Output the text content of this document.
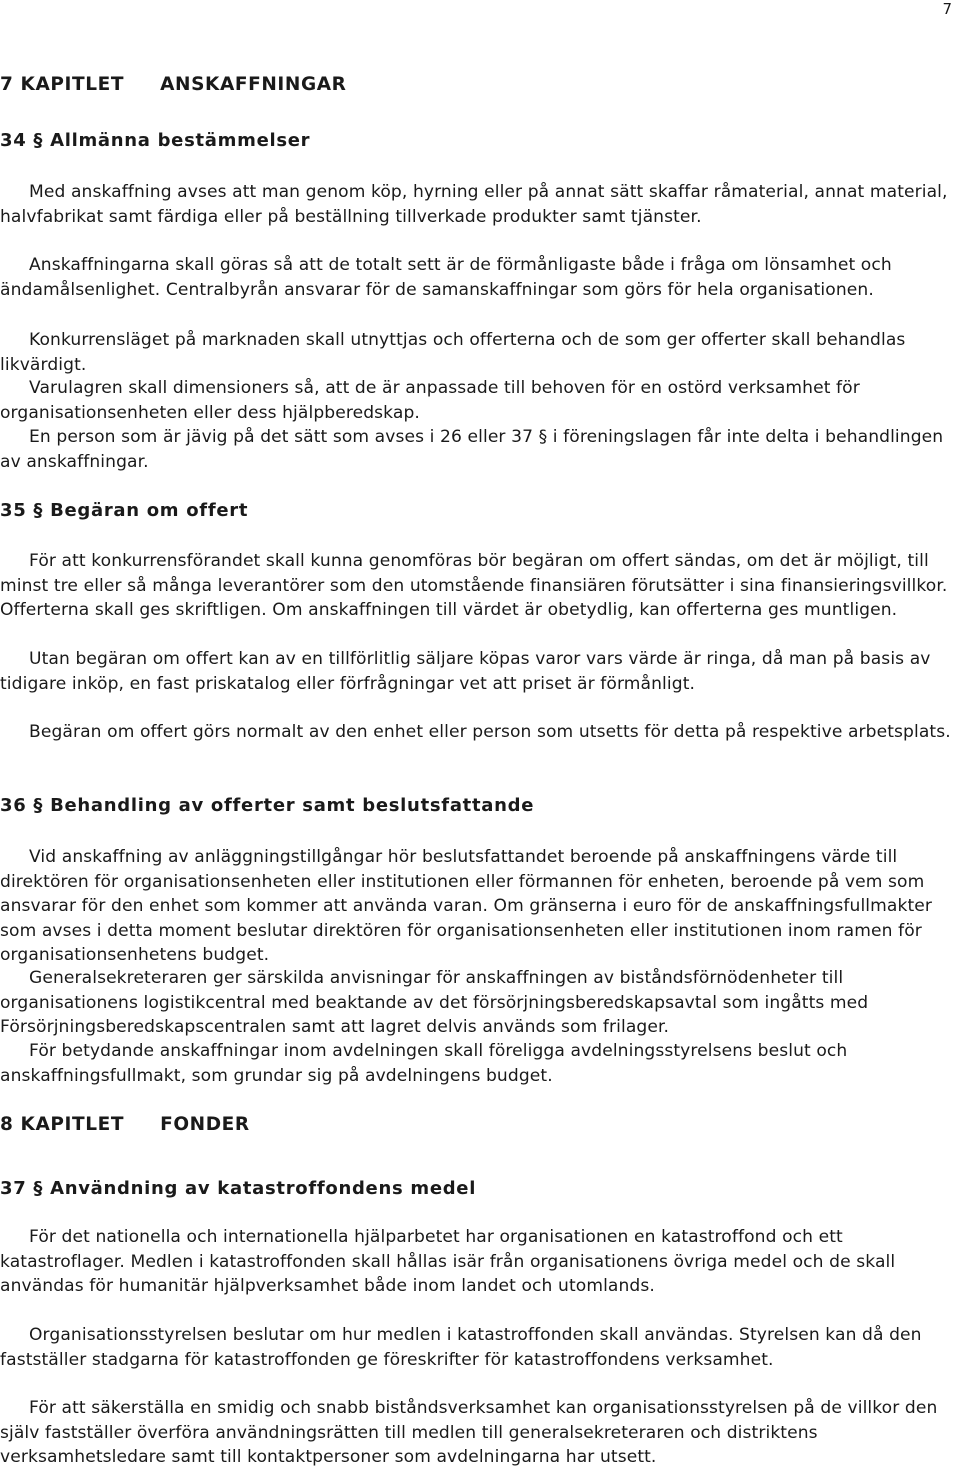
7
7 KAPITLET ANSKAFFNINGAR
34 § Allmänna bestämmelser

Med anskaffning avses att man genom köp, hyrning eller på annat sätt skaffar råmaterial, annat material, halvfabrikat samt färdiga eller på beställning tillverkade produkter samt tjänster.

Anskaffningarna skall göras så att de totalt sett är de förmånligaste både i fråga om lönsamhet och ändamålsenlighet. Centralbyrån ansvarar för de samanskaffningar som görs för hela organisationen.

Konkurrensläget på marknaden skall utnyttjas och offerterna och de som ger offerter skall behandlas likvärdigt.

Varulagren skall dimensioners så, att de är anpassade till behoven för en ostörd verksamhet för organisationsenheten eller dess hjälpberedskap.

En person som är jävig på det sätt som avses i 26 eller 37 § i föreningslagen får inte delta i behandlingen av anskaffningar.

35 § Begäran om offert

För att konkurrensförandet skall kunna genomföras bör begäran om offert sändas, om det är möjligt, till minst tre eller så många leverantörer som den utomstående finansiären förutsätter i sina finansieringsvillkor. Offerterna skall ges skriftligen. Om anskaffningen till värdet är obetydlig, kan offerterna ges muntligen.

Utan begäran om offert kan av en tillförlitlig säljare köpas varor vars värde är ringa, då man på basis av tidigare inköp, en fast priskatalog eller förfrågningar vet att priset är förmånligt.

Begäran om offert görs normalt av den enhet eller person som utsetts för detta på respektive arbetsplats.

36 § Behandling av offerter samt beslutsfattande

Vid anskaffning av anläggningstillgångar hör beslutsfattandet beroende på anskaffningens värde till direktören för organisationsenheten eller institutionen eller förmannen för enheten, beroende på vem som ansvarar för den enhet som kommer att använda varan. Om gränserna i euro för de anskaffningsfullmakter som avses i detta moment beslutar direktören för organisationsenheten eller institutionen inom ramen för organisationsenhetens budget.

Generalsekreteraren ger särskilda anvisningar för anskaffningen av biståndsförnödenheter till organisationens logistikcentral med beaktande av det försörjningsberedskapsavtal som ingåtts med Försörjningsberedskapscentralen samt att lagret delvis används som frilager.

För betydande anskaffningar inom avdelningen skall föreligga avdelningsstyrelsens beslut och anskaffningsfullmakt, som grundar sig på avdelningens budget.

8 KAPITLET FONDER
37 § Användning av katastroffondens medel

För det nationella och internationella hjälparbetet har organisationen en katastroffond och ett katastroflager. Medlen i katastroffonden skall hållas isär från organisationens övriga medel och de skall användas för humanitär hjälpverksamhet både inom landet och utomlands.

Organisationsstyrelsen beslutar om hur medlen i katastroffonden skall användas. Styrelsen kan då den fastställer stadgarna för katastroffonden ge föreskrifter för katastroffondens verksamhet.

För att säkerställa en smidig och snabb biståndsverksamhet kan organisationsstyrelsen på de villkor den själv fastställer överföra användningsrätten till medlen till generalsekreteraren och distriktens verksamhetsledare samt till kontaktpersoner som avdelningarna har utsett.
